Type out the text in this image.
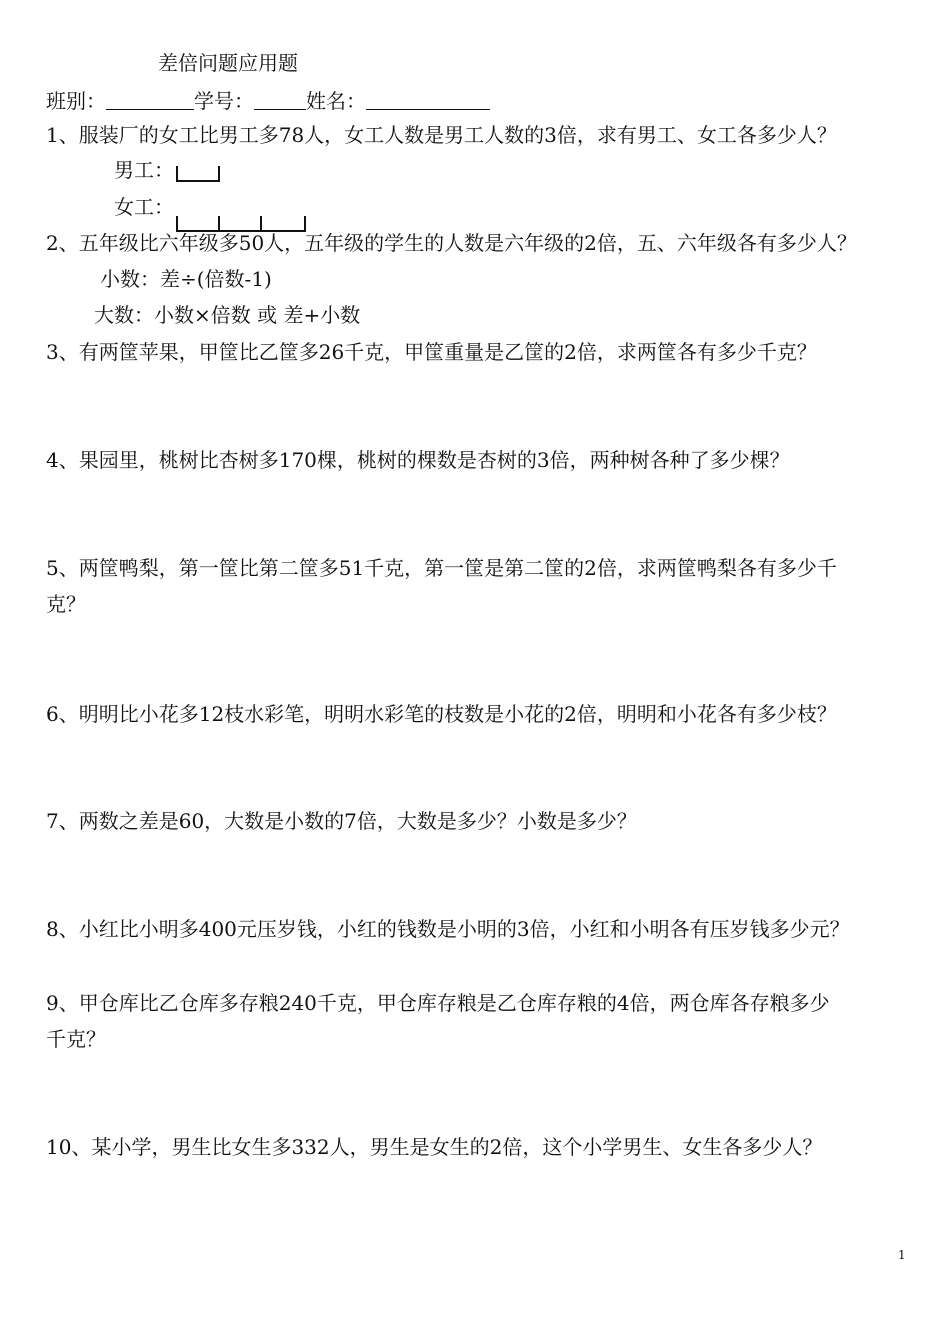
差倍问题应用题
班别：	学号：	姓名：
1、服装厂的女工比男工多78人，女工人数是男工人数的3倍，求有男工、女工各多少人？
男工：
女工：
2、五年级比六年级多50人，五年级的学生的人数是六年级的2倍，五、六年级各有多少人？
小数：差÷(倍数-1)
大数：小数×倍数 或 差+小数
3、有两筐苹果，甲筐比乙筐多26千克，甲筐重量是乙筐的2倍，求两筐各有多少千克？
4、果园里，桃树比杏树多170棵，桃树的棵数是杏树的3倍，两种树各种了多少棵？
5、两筐鸭梨，第一筐比第二筐多51千克，第一筐是第二筐的2倍，求两筐鸭梨各有多少千
克？
6、明明比小花多12枝水彩笔，明明水彩笔的枝数是小花的2倍，明明和小花各有多少枝？
7、两数之差是60，大数是小数的7倍，大数是多少？小数是多少？
8、小红比小明多400元压岁钱，小红的钱数是小明的3倍，小红和小明各有压岁钱多少元？
9、甲仓库比乙仓库多存粮240千克，甲仓库存粮是乙仓库存粮的4倍，两仓库各存粮多少
千克？
10、某小学，男生比女生多332人，男生是女生的2倍，这个小学男生、女生各多少人？
1
